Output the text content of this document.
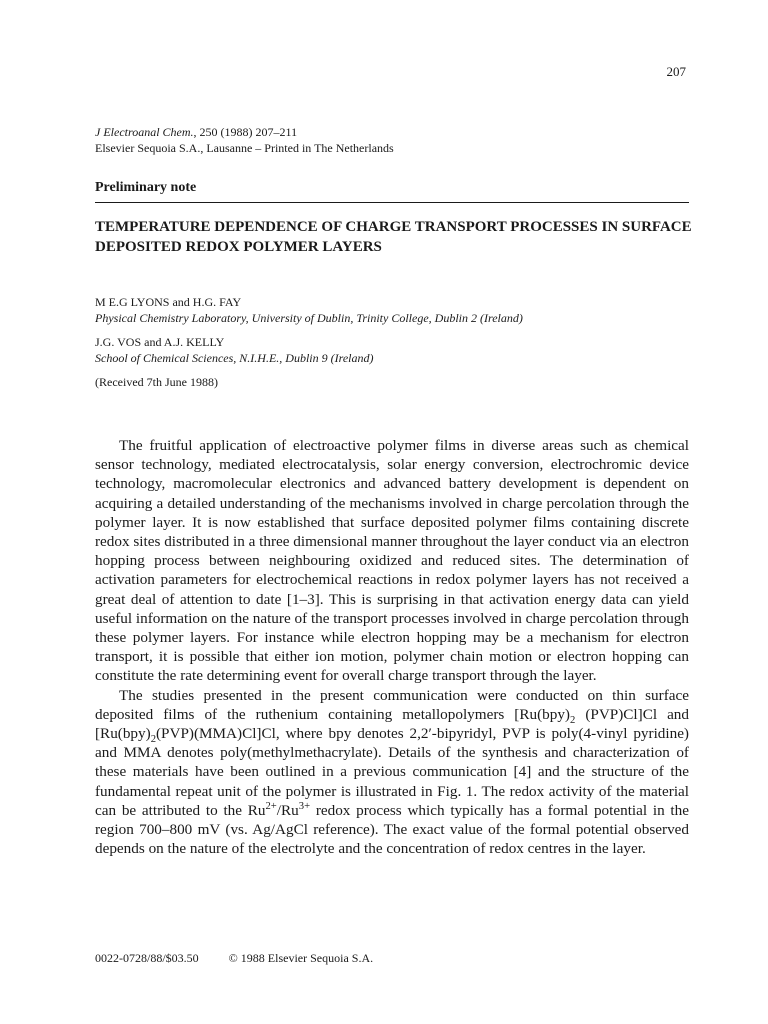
207
J Electroanal Chem., 250 (1988) 207–211
Elsevier Sequoia S.A., Lausanne – Printed in The Netherlands
Preliminary note
TEMPERATURE DEPENDENCE OF CHARGE TRANSPORT PROCESSES IN SURFACE DEPOSITED REDOX POLYMER LAYERS
M E.G LYONS and H.G. FAY
Physical Chemistry Laboratory, University of Dublin, Trinity College, Dublin 2 (Ireland)
J.G. VOS and A.J. KELLY
School of Chemical Sciences, N.I.H.E., Dublin 9 (Ireland)
(Received 7th June 1988)

The fruitful application of electroactive polymer films in diverse areas such as chemical sensor technology, mediated electrocatalysis, solar energy conversion, electrochromic device technology, macromolecular electronics and advanced battery development is dependent on acquiring a detailed understanding of the mechanisms involved in charge percolation through the polymer layer. It is now established that surface deposited polymer films containing discrete redox sites distributed in a three dimensional manner throughout the layer conduct via an electron hopping process between neighbouring oxidized and reduced sites. The determination of activation parameters for electrochemical reactions in redox polymer layers has not received a great deal of attention to date [1–3]. This is surprising in that activation energy data can yield useful information on the nature of the transport processes involved in charge percolation through these polymer layers. For instance while electron hopping may be a mechanism for electron transport, it is possible that either ion motion, polymer chain motion or electron hopping can constitute the rate determining event for overall charge transport through the layer.

The studies presented in the present communication were conducted on thin surface deposited films of the ruthenium containing metallopolymers [$Ru(bpy)_2$ (PVP)Cl]Cl and $[Ru(bpy)_2(PVP)(MMA)Cl]Cl$, where bpy denotes 2,2′-bipyridyl, PVP is poly(4-vinyl pyridine) and MMA denotes poly(methylmethacrylate). Details of the synthesis and characterization of these materials have been outlined in a previous communication [4] and the structure of the fundamental repeat unit of the polymer is illustrated in Fig. 1. The redox activity of the material can be attributed to the $Ru^{2+}/Ru^{3+}$ redox process which typically has a formal potential in the region 700–800 mV (vs. Ag/AgCl reference). The exact value of the formal potential observed depends on the nature of the electrolyte and the concentration of redox centres in the layer.

0022-0728/88/$03.50	© 1988 Elsevier Sequoia S.A.
